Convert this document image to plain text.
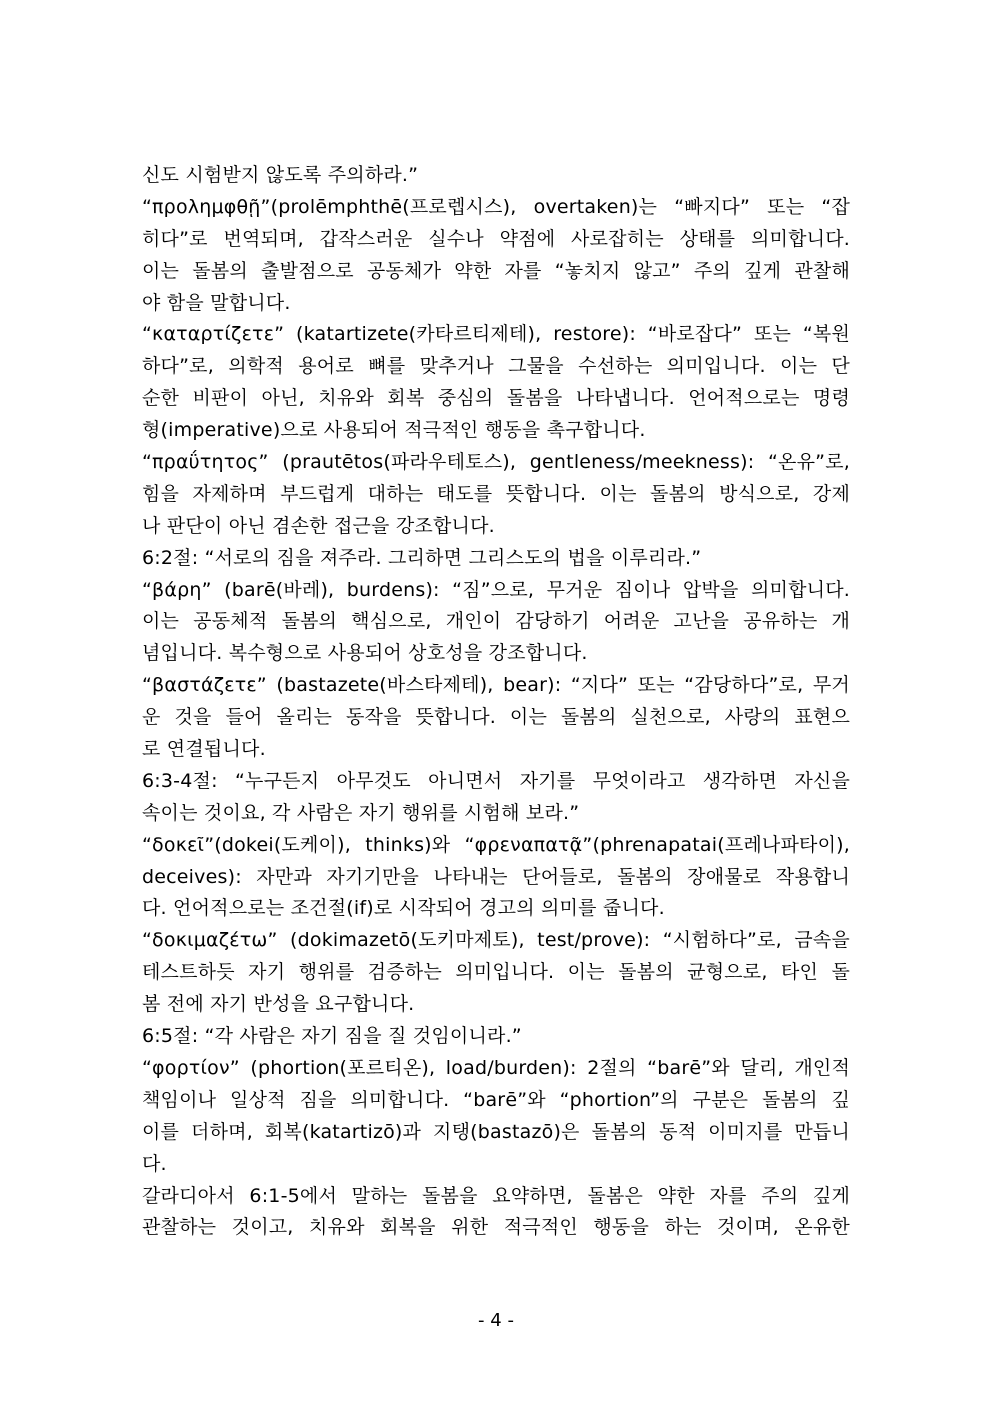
신도 시험받지 않도록 주의하라.”
“προλημφθῇ”(prolēmphthē(프로렙시스), overtaken)는 “빠지다” 또는 “잡
히다”로 번역되며, 갑작스러운 실수나 약점에 사로잡히는 상태를 의미합니다.
이는 돌봄의 출발점으로 공동체가 약한 자를 “놓치지 않고” 주의 깊게 관찰해
야 함을 말합니다.
“καταρτίζετε” (katartizete(카타르티제테), restore): “바로잡다” 또는 “복원
하다”로, 의학적 용어로 뼈를 맞추거나 그물을 수선하는 의미입니다. 이는 단
순한 비판이 아닌, 치유와 회복 중심의 돌봄을 나타냅니다. 언어적으로는 명령
형(imperative)으로 사용되어 적극적인 행동을 촉구합니다.
“πραΰτητος” (prautētos(파라우테토스), gentleness/meekness): “온유”로,
힘을 자제하며 부드럽게 대하는 태도를 뜻합니다. 이는 돌봄의 방식으로, 강제
나 판단이 아닌 겸손한 접근을 강조합니다.
6:2절: “서로의 짐을 져주라. 그리하면 그리스도의 법을 이루리라.”
“βάρη” (barē(바레), burdens): “짐”으로, 무거운 짐이나 압박을 의미합니다.
이는 공동체적 돌봄의 핵심으로, 개인이 감당하기 어려운 고난을 공유하는 개
념입니다. 복수형으로 사용되어 상호성을 강조합니다.
“βαστάζετε” (bastazete(바스타제테), bear): “지다” 또는 “감당하다”로, 무거
운 것을 들어 올리는 동작을 뜻합니다. 이는 돌봄의 실천으로, 사랑의 표현으
로 연결됩니다.
6:3-4절: “누구든지 아무것도 아니면서 자기를 무엇이라고 생각하면 자신을
속이는 것이요, 각 사람은 자기 행위를 시험해 보라.”
“δοκεῖ”(dokei(도케이), thinks)와 “φρεναπατᾷ”(phrenapatai(프레나파타이),
deceives): 자만과 자기기만을 나타내는 단어들로, 돌봄의 장애물로 작용합니
다. 언어적으로는 조건절(if)로 시작되어 경고의 의미를 줍니다.
“δοκιμαζέτω” (dokimazetō(도키마제토), test/prove): “시험하다”로, 금속을
테스트하듯 자기 행위를 검증하는 의미입니다. 이는 돌봄의 균형으로, 타인 돌
봄 전에 자기 반성을 요구합니다.
6:5절: “각 사람은 자기 짐을 질 것임이니라.”
“φορτίον” (phortion(포르티온), load/burden): 2절의 “barē”와 달리, 개인적
책임이나 일상적 짐을 의미합니다. “barē”와 “phortion”의 구분은 돌봄의 깊
이를 더하며, 회복(katartizō)과 지탱(bastazō)은 돌봄의 동적 이미지를 만듭니
다.
갈라디아서 6:1-5에서 말하는 돌봄을 요약하면, 돌봄은 약한 자를 주의 깊게
관찰하는 것이고, 치유와 회복을 위한 적극적인 행동을 하는 것이며, 온유한
- 4 -
